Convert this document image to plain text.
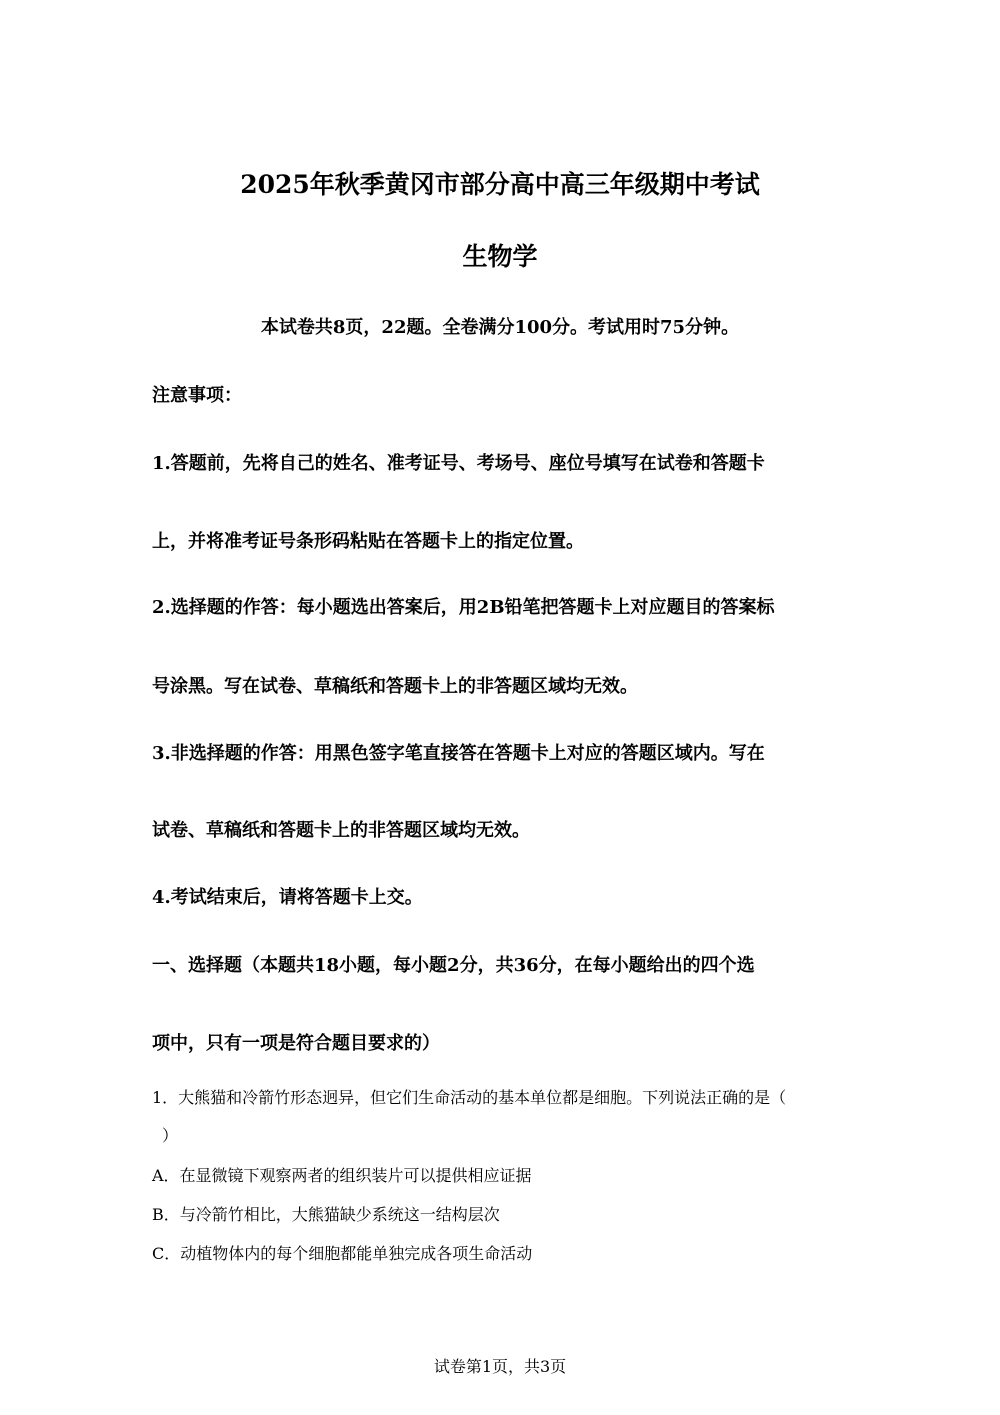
2025年秋季黄冈市部分高中高三年级期中考试
生物学
本试卷共8页，22题。全卷满分100分。考试用时75分钟。
注意事项：
1.答题前，先将自己的姓名、准考证号、考场号、座位号填写在试卷和答题卡
上，并将准考证号条形码粘贴在答题卡上的指定位置。
2.选择题的作答：每小题选出答案后，用2B铅笔把答题卡上对应题目的答案标
号涂黑。写在试卷、草稿纸和答题卡上的非答题区域均无效。
3.非选择题的作答：用黑色签字笔直接答在答题卡上对应的答题区域内。写在
试卷、草稿纸和答题卡上的非答题区域均无效。
4.考试结束后，请将答题卡上交。
一、选择题（本题共18小题，每小题2分，共36分，在每小题给出的四个选
项中，只有一项是符合题目要求的）
1．大熊猫和冷箭竹形态迥异，但它们生命活动的基本单位都是细胞。下列说法正确的是（
）
A．在显微镜下观察两者的组织装片可以提供相应证据
B．与冷箭竹相比，大熊猫缺少系统这一结构层次
C．动植物体内的每个细胞都能单独完成各项生命活动
试卷第1页，共3页
